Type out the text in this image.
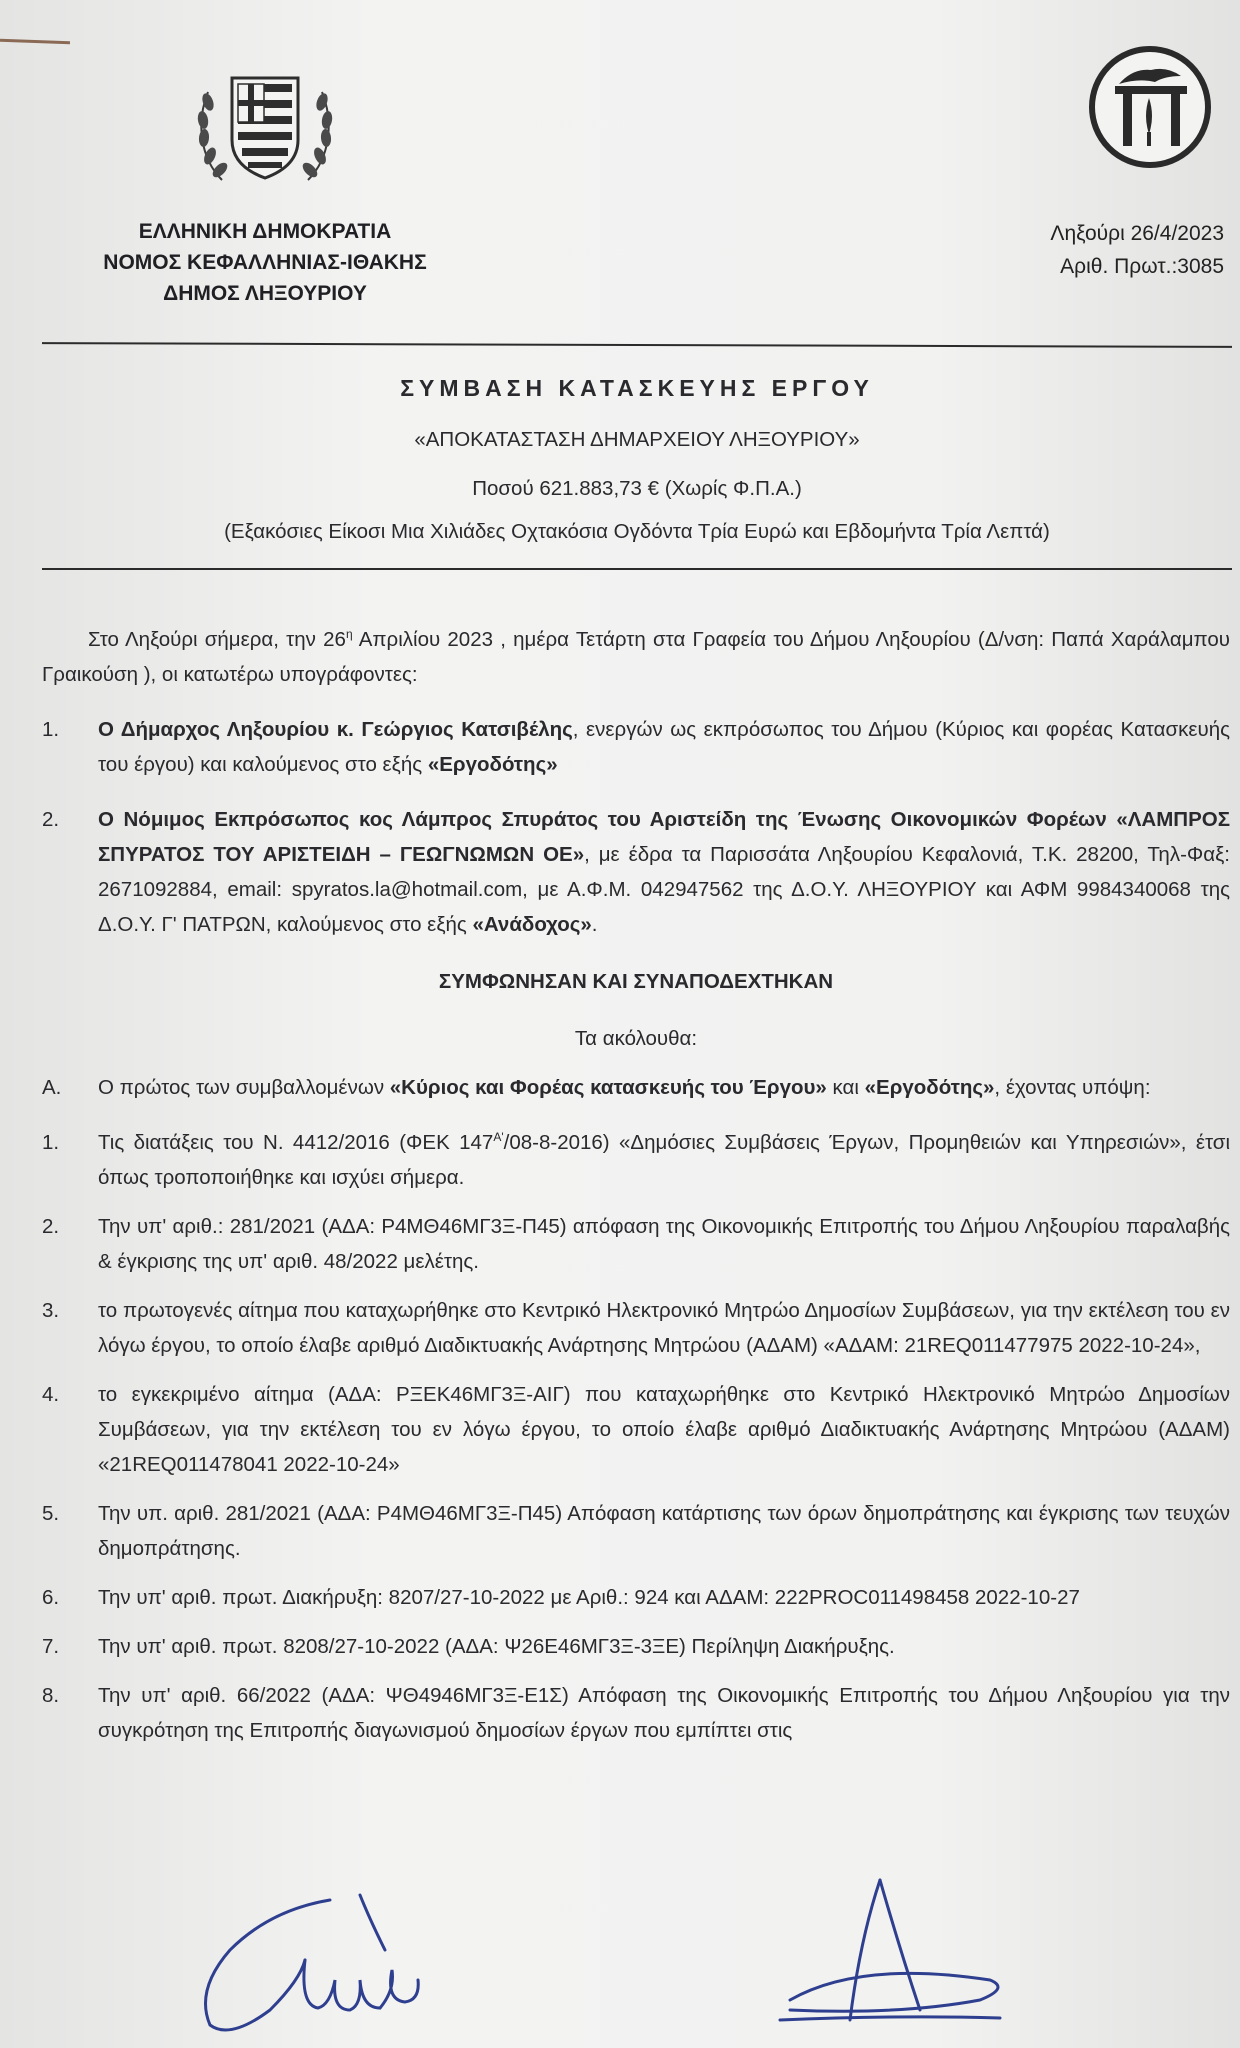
ΕΛΛΗΝΙΚΗ ΔΗΜΟΚΡΑΤΙΑ
ΝΟΜΟΣ ΚΕΦΑΛΛΗΝΙΑΣ-ΙΘΑΚΗΣ
ΔΗΜΟΣ ΛΗΞΟΥΡΙΟΥ
Ληξούρι 26/4/2023
Αριθ. Πρωτ.:3085
ΣΥΜΒΑΣΗ ΚΑΤΑΣΚΕΥΗΣ ΕΡΓΟΥ
«ΑΠΟΚΑΤΑΣΤΑΣΗ ΔΗΜΑΡΧΕΙΟΥ ΛΗΞΟΥΡΙΟΥ»
Ποσού 621.883,73 € (Χωρίς Φ.Π.Α.)
(Εξακόσιες Είκοσι Μια Χιλιάδες Οχτακόσια Ογδόντα Τρία Ευρώ και Εβδομήντα Τρία Λεπτά)

Στο Ληξούρι σήμερα, την $26^\eta$ Απριλίου 2023 , ημέρα Τετάρτη στα Γραφεία του Δήμου Ληξουρίου (Δ/νση: Παπά Χαράλαμπου Γραικούση ), οι κατωτέρω υπογράφοντες:

1. Ο Δήμαρχος Ληξουρίου κ. Γεώργιος Κατσιβέλης, ενεργών ως εκπρόσωπος του Δήμου (Κύριος και φορέας Κατασκευής του έργου) και καλούμενος στο εξής «Εργοδότης»

2. Ο Νόμιμος Εκπρόσωπος κος Λάμπρος Σπυράτος του Αριστείδη της Ένωσης Οικονομικών Φορέων «ΛΑΜΠΡΟΣ ΣΠΥΡΑΤΟΣ ΤΟΥ ΑΡΙΣΤΕΙΔΗ – ΓΕΩΓΝΩΜΩΝ ΟΕ», με έδρα τα Παρισσάτα Ληξουρίου Κεφαλονιά, Τ.Κ. 28200, Τηλ-Φαξ: 2671092884, email: spyratos.la@hotmail.com, με Α.Φ.Μ. 042947562 της Δ.Ο.Υ. ΛΗΞΟΥΡΙΟΥ και ΑΦΜ 9984340068 της Δ.Ο.Υ. Γ' ΠΑΤΡΩΝ, καλούμενος στο εξής «Ανάδοχος».

ΣΥΜΦΩΝΗΣΑΝ ΚΑΙ ΣΥΝΑΠΟΔΕΧΤΗΚΑΝ

Τα ακόλουθα:

Α. Ο πρώτος των συμβαλλομένων «Κύριος και Φορέας κατασκευής του Έργου» και «Εργοδότης», έχοντας υπόψη:

1. Τις διατάξεις του Ν. 4412/2016 (ΦΕΚ $147^{A'}/08-8-2016$) «Δημόσιες Συμβάσεις Έργων, Προμηθειών και Υπηρεσιών», έτσι όπως τροποποιήθηκε και ισχύει σήμερα.

2. Την υπ' αριθ.: 281/2021 (ΑΔΑ: Ρ4ΜΘ46ΜΓ3Ξ-Π45) απόφαση της Οικονομικής Επιτροπής του Δήμου Ληξουρίου παραλαβής & έγκρισης της υπ' αριθ. 48/2022 μελέτης.

3. το πρωτογενές αίτημα που καταχωρήθηκε στο Κεντρικό Ηλεκτρονικό Μητρώο Δημοσίων Συμβάσεων, για την εκτέλεση του εν λόγω έργου, το οποίο έλαβε αριθμό Διαδικτυακής Ανάρτησης Μητρώου (ΑΔΑΜ) «ΑΔΑΜ: 21REQ011477975 2022-10-24»,

4. το εγκεκριμένο αίτημα (ΑΔΑ: ΡΞΕΚ46ΜΓ3Ξ-ΑΙΓ) που καταχωρήθηκε στο Κεντρικό Ηλεκτρονικό Μητρώο Δημοσίων Συμβάσεων, για την εκτέλεση του εν λόγω έργου, το οποίο έλαβε αριθμό Διαδικτυακής Ανάρτησης Μητρώου (ΑΔΑΜ) «21REQ011478041 2022-10-24»

5. Την υπ. αριθ. 281/2021 (ΑΔΑ: Ρ4ΜΘ46ΜΓ3Ξ-Π45) Απόφαση κατάρτισης των όρων δημοπράτησης και έγκρισης των τευχών δημοπράτησης.

6. Την υπ' αριθ. πρωτ. Διακήρυξη: 8207/27-10-2022 με Αριθ.: 924 και ΑΔΑΜ: 222PROC011498458 2022-10-27

7. Την υπ' αριθ. πρωτ. 8208/27-10-2022 (ΑΔΑ: Ψ26Ε46ΜΓ3Ξ-3ΞΕ) Περίληψη Διακήρυξης.

8. Την υπ' αριθ. 66/2022 (ΑΔΑ: ΨΘ4946ΜΓ3Ξ-Ε1Σ) Απόφαση της Οικονομικής Επιτροπής του Δήμου Ληξουρίου για την συγκρότηση της Επιτροπής διαγωνισμού δημοσίων έργων που εμπίπτει στις
